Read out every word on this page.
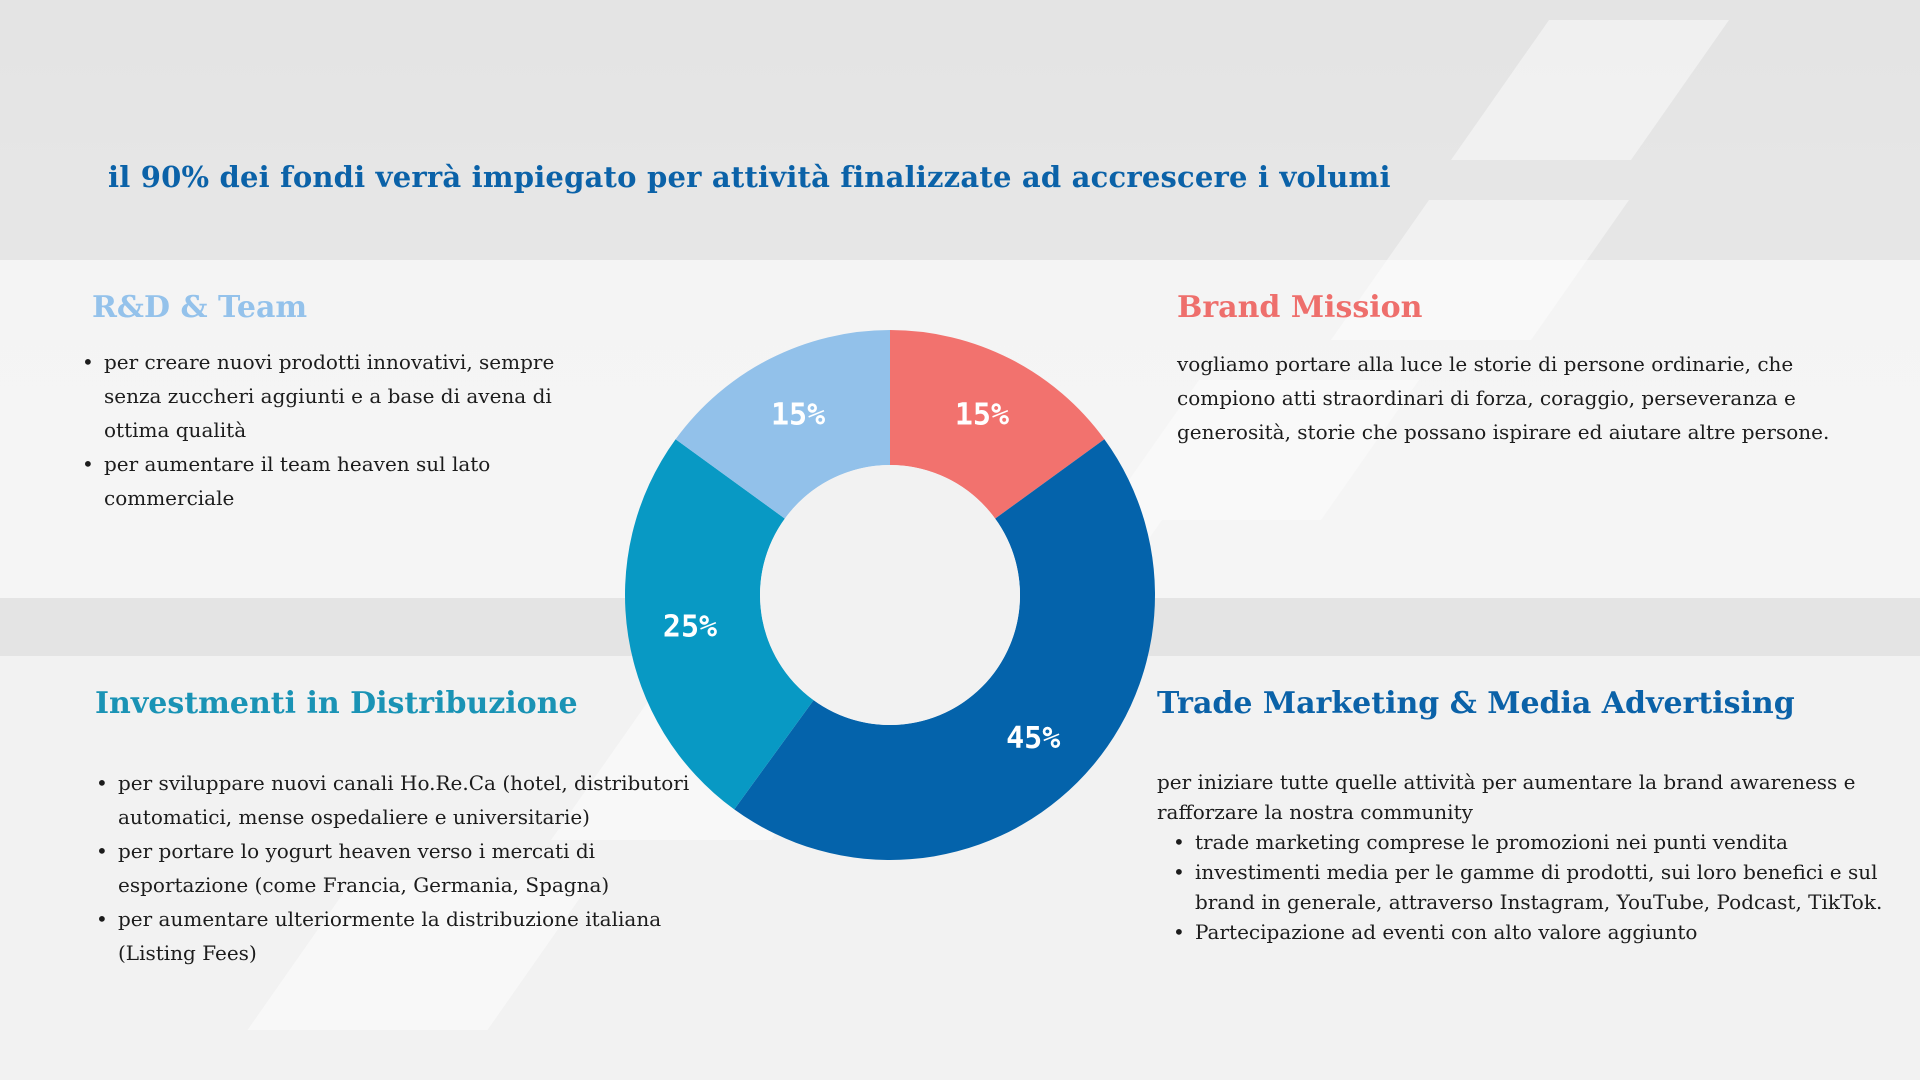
il 90% dei fondi verrà impiegato per attività finalizzate ad accrescere i volumi
R&D & Team
• per creare nuovi prodotti innovativi, sempre senza zuccheri aggiunti e a base di avena di ottima qualità
• per aumentare il team heaven sul lato commerciale
Brand Mission
vogliamo portare alla luce le storie di persone ordinarie, che compiono atti straordinari di forza, coraggio, perseveranza e generosità, storie che possano ispirare ed aiutare altre persone.
Investmenti in Distribuzione
• per sviluppare nuovi canali Ho.Re.Ca (hotel, distributori automatici, mense ospedaliere e universitarie)
• per portare lo yogurt heaven verso i mercati di esportazione (come Francia, Germania, Spagna)
• per aumentare ulteriormente la distribuzione italiana (Listing Fees)
Trade Marketing & Media Advertising
per iniziare tutte quelle attività per aumentare la brand awareness e rafforzare la nostra community
• trade marketing comprese le promozioni nei punti vendita
• investimenti media per le gamme di prodotti, sui loro benefici e sul brand in generale, attraverso Instagram, YouTube, Podcast, TikTok.
• Partecipazione ad eventi con alto valore aggiunto
15%
45%
25%
15%
